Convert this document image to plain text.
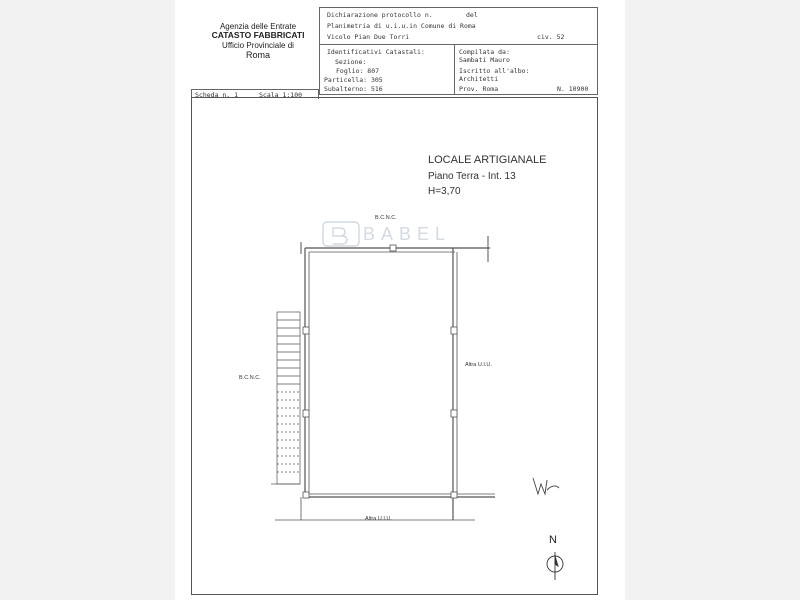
Agenzia delle Entrate
CATASTO FABBRICATI
Ufficio Provinciale di
Roma
Dichiarazione protocollo n.	del
Planimetria di u.i.u.in Comune di Roma
Vicolo Pian Due Torri	civ. 52
Identificativi Catastali:
Sezione:
Foglio: 807
Particella: 305
Subalterno: 516
Compilata da:
Sambati Mauro
Iscritto all'albo:
Architetti
Prov. Roma	N. 10900
Scheda n. 1	Scala 1:100
LOCALE ARTIGIANALE
Piano Terra - Int. 13
H=3,70
BABEL
B.C.N.C.
B.C.N.C.
Altra U.I.U.
Altra U.I.U.
N
